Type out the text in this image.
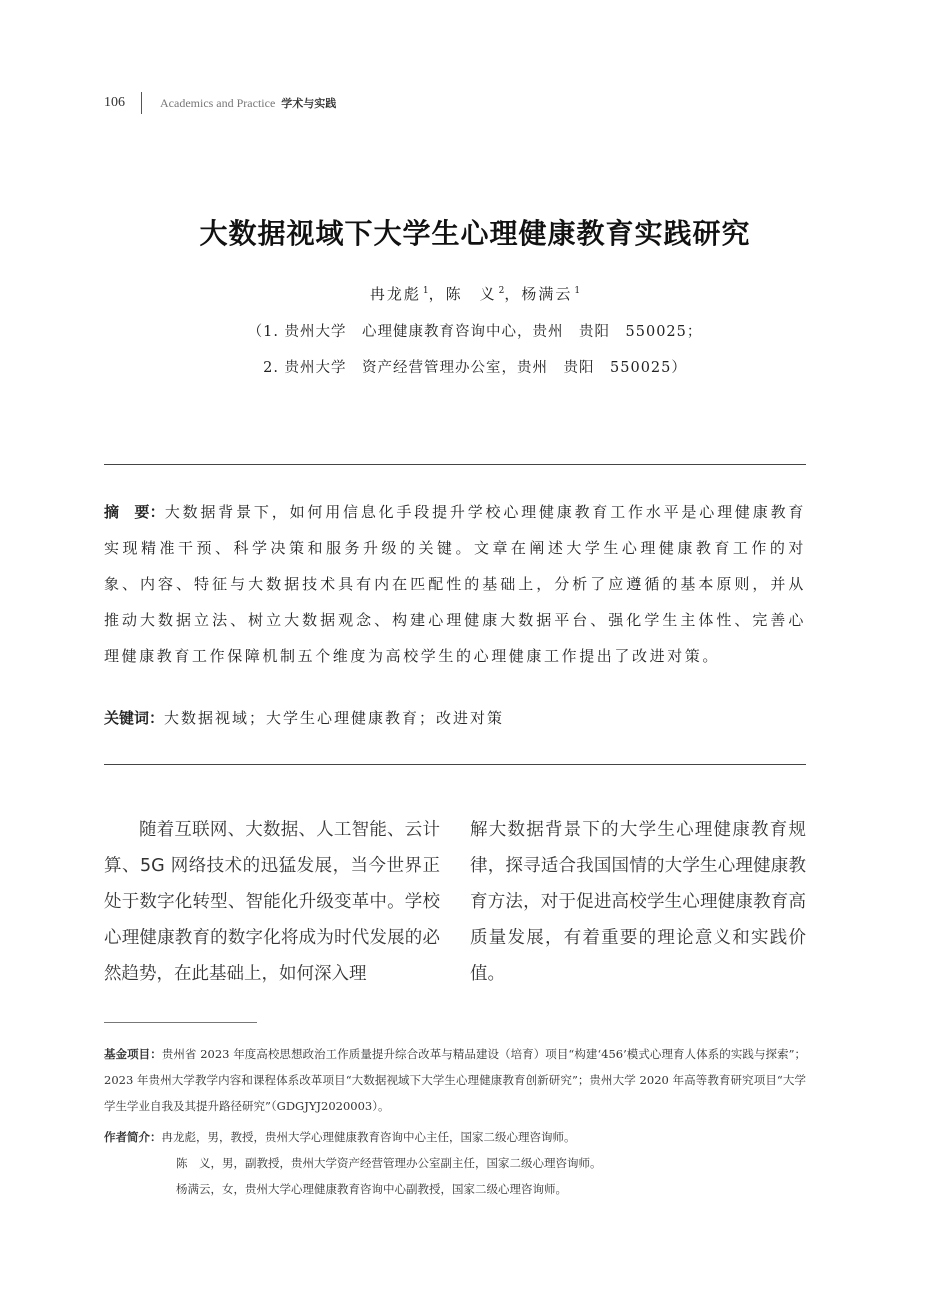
106	Academics and Practice 学术与实践
大数据视域下大学生心理健康教育实践研究
冉龙彪 $^1$，陈　义 $^2$，杨满云 $^1$
（1. 贵州大学　心理健康教育咨询中心，贵州　贵阳　550025；
2. 贵州大学　资产经营管理办公室，贵州　贵阳　550025）
摘　要：大数据背景下，如何用信息化手段提升学校心理健康教育工作水平是心理健康教育实现精准干预、科学决策和服务升级的关键。文章在阐述大学生心理健康教育工作的对象、内容、特征与大数据技术具有内在匹配性的基础上，分析了应遵循的基本原则，并从推动大数据立法、树立大数据观念、构建心理健康大数据平台、强化学生主体性、完善心理健康教育工作保障机制五个维度为高校学生的心理健康工作提出了改进对策。
关键词：大数据视域；大学生心理健康教育；改进对策

随着互联网、大数据、人工智能、云计算、5G 网络技术的迅猛发展，当今世界正处于数字化转型、智能化升级变革中。学校心理健康教育的数字化将成为时代发展的必然趋势，在此基础上，如何深入理

解大数据背景下的大学生心理健康教育规律，探寻适合我国国情的大学生心理健康教育方法，对于促进高校学生心理健康教育高质量发展，有着重要的理论意义和实践价值。

基金项目：贵州省 2023 年度高校思想政治工作质量提升综合改革与精品建设（培育）项目“构建‘456’模式心理育人体系的实践与探索”；2023 年贵州大学教学内容和课程体系改革项目“大数据视域下大学生心理健康教育创新研究”；贵州大学 2020 年高等教育研究项目“大学学生学业自我及其提升路径研究”（GDGJYJ2020003）。
作者简介：冉龙彪，男，教授，贵州大学心理健康教育咨询中心主任，国家二级心理咨询师。
陈　义，男，副教授，贵州大学资产经营管理办公室副主任，国家二级心理咨询师。
杨满云，女，贵州大学心理健康教育咨询中心副教授，国家二级心理咨询师。
